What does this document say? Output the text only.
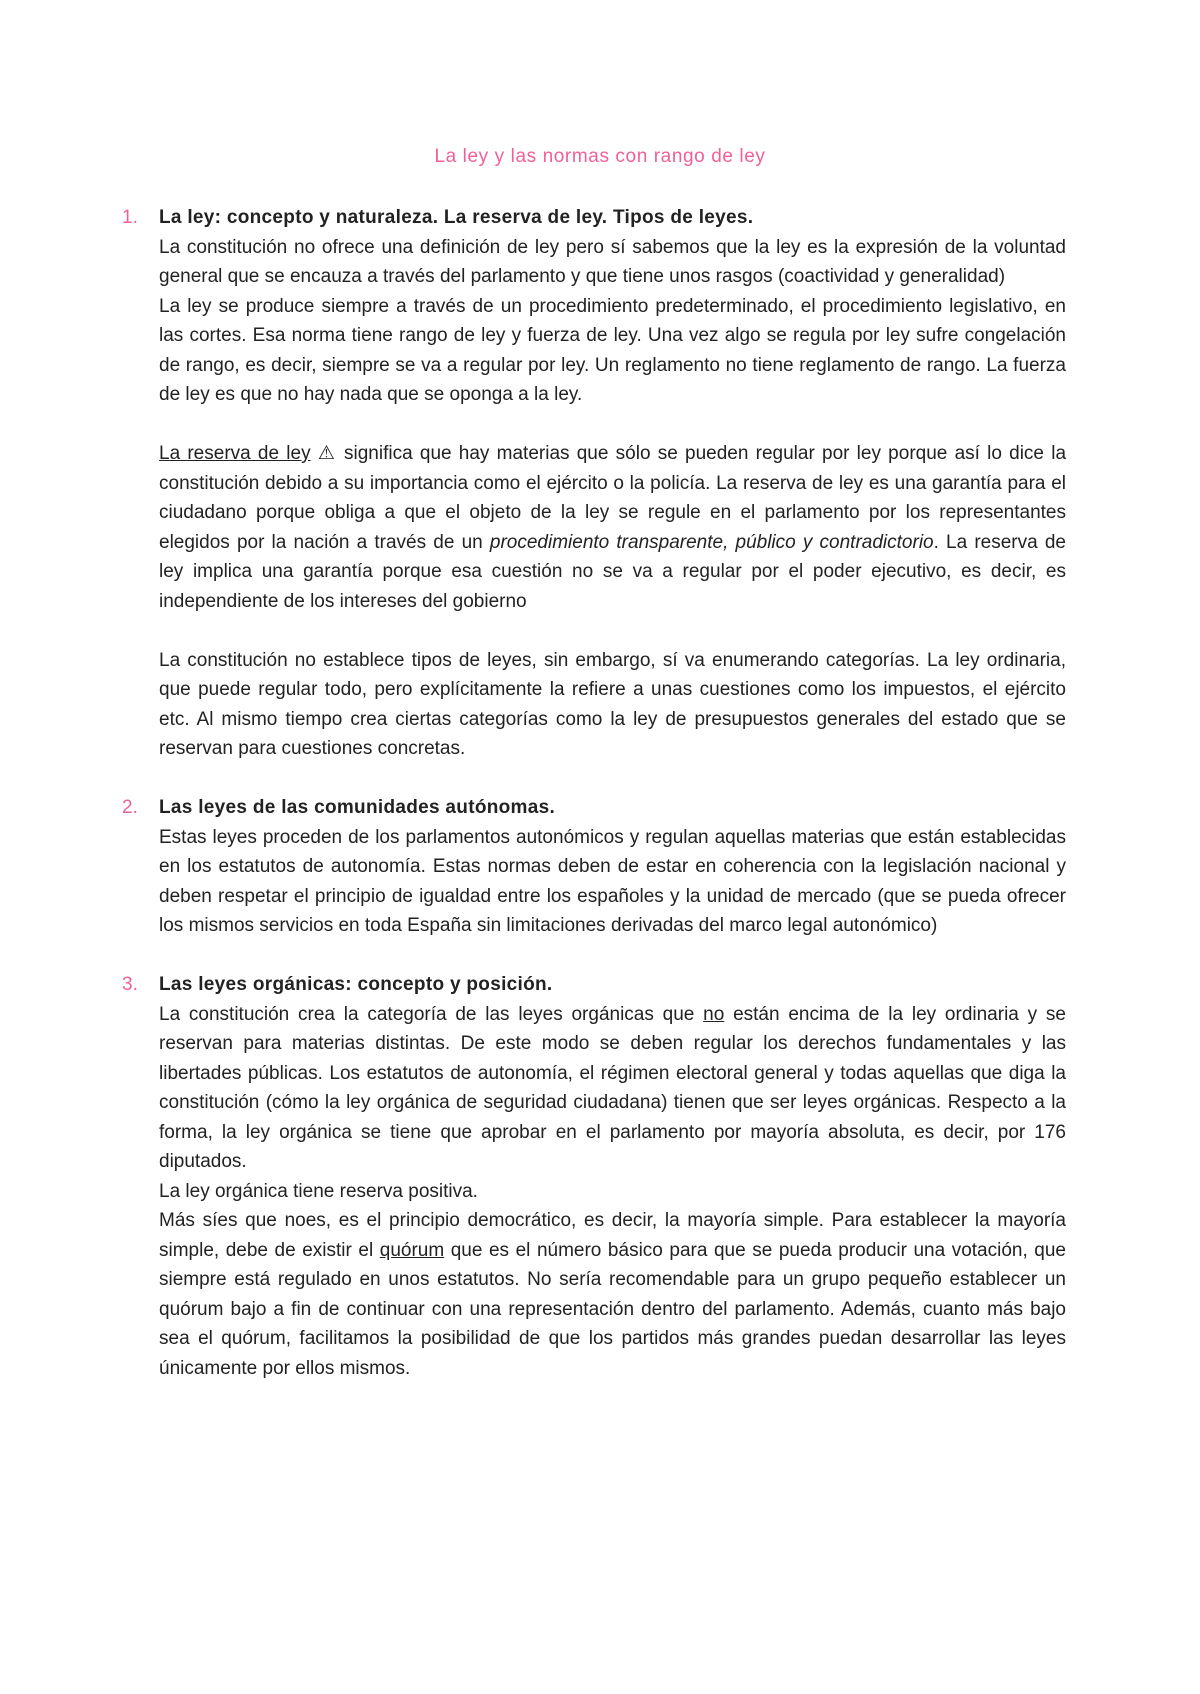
La ley y las normas con rango de ley
1. La ley: concepto y naturaleza. La reserva de ley. Tipos de leyes.

La constitución no ofrece una definición de ley pero sí sabemos que la ley es la expresión de la voluntad general que se encauza a través del parlamento y que tiene unos rasgos (coactividad y generalidad)

La ley se produce siempre a través de un procedimiento predeterminado, el procedimiento legislativo, en las cortes. Esa norma tiene rango de ley y fuerza de ley. Una vez algo se regula por ley sufre congelación de rango, es decir, siempre se va a regular por ley. Un reglamento no tiene reglamento de rango. La fuerza de ley es que no hay nada que se oponga a la ley.

La reserva de ley ⚠ significa que hay materias que sólo se pueden regular por ley porque así lo dice la constitución debido a su importancia como el ejército o la policía. La reserva de ley es una garantía para el ciudadano porque obliga a que el objeto de la ley se regule en el parlamento por los representantes elegidos por la nación a través de un procedimiento transparente, público y contradictorio. La reserva de ley implica una garantía porque esa cuestión no se va a regular por el poder ejecutivo, es decir, es independiente de los intereses del gobierno

La constitución no establece tipos de leyes, sin embargo, sí va enumerando categorías. La ley ordinaria, que puede regular todo, pero explícitamente la refiere a unas cuestiones como los impuestos, el ejército etc. Al mismo tiempo crea ciertas categorías como la ley de presupuestos generales del estado que se reservan para cuestiones concretas.

2. Las leyes de las comunidades autónomas.

Estas leyes proceden de los parlamentos autonómicos y regulan aquellas materias que están establecidas en los estatutos de autonomía. Estas normas deben de estar en coherencia con la legislación nacional y deben respetar el principio de igualdad entre los españoles y la unidad de mercado (que se pueda ofrecer los mismos servicios en toda España sin limitaciones derivadas del marco legal autonómico)

3. Las leyes orgánicas: concepto y posición.

La constitución crea la categoría de las leyes orgánicas que no están encima de la ley ordinaria y se reservan para materias distintas. De este modo se deben regular los derechos fundamentales y las libertades públicas. Los estatutos de autonomía, el régimen electoral general y todas aquellas que diga la constitución (cómo la ley orgánica de seguridad ciudadana) tienen que ser leyes orgánicas. Respecto a la forma, la ley orgánica se tiene que aprobar en el parlamento por mayoría absoluta, es decir, por 176 diputados.

La ley orgánica tiene reserva positiva.

Más síes que noes, es el principio democrático, es decir, la mayoría simple. Para establecer la mayoría simple, debe de existir el quórum que es el número básico para que se pueda producir una votación, que siempre está regulado en unos estatutos. No sería recomendable para un grupo pequeño establecer un quórum bajo a fin de continuar con una representación dentro del parlamento. Además, cuanto más bajo sea el quórum, facilitamos la posibilidad de que los partidos más grandes puedan desarrollar las leyes únicamente por ellos mismos.
